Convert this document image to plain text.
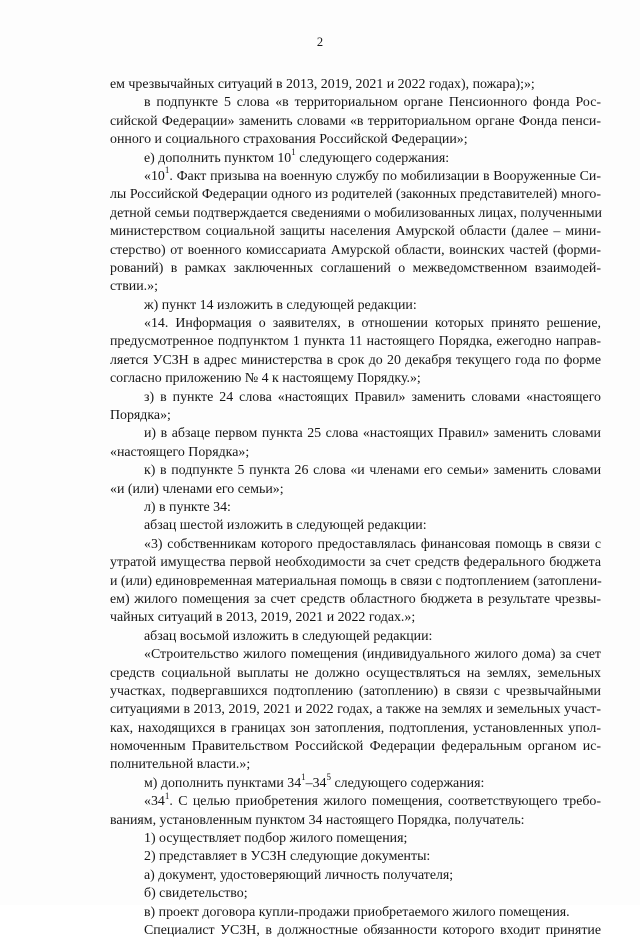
2
ем чрезвычайных ситуаций в 2013, 2019, 2021 и 2022 годах), пожара);»;
в подпункте 5 слова «в территориальном органе Пенсионного фонда Рос-
сийской Федерации» заменить словами «в территориальном органе Фонда пенси-
онного и социального страхования Российской Федерации»;
е) дополнить пунктом $10^1$ следующего содержания:
«$10^1$. Факт призыва на военную службу по мобилизации в Вооруженные Си-
лы Российской Федерации одного из родителей (законных представителей) много-
детной семьи подтверждается сведениями о мобилизованных лицах, полученными
министерством социальной защиты населения Амурской области (далее – мини-
стерство) от военного комиссариата Амурской области, воинских частей (форми-
рований) в рамках заключенных соглашений о межведомственном взаимодей-
ствии.»;
ж) пункт 14 изложить в следующей редакции:
«14. Информация о заявителях, в отношении которых принято решение,
предусмотренное подпунктом 1 пункта 11 настоящего Порядка, ежегодно направ-
ляется УСЗН в адрес министерства в срок до 20 декабря текущего года по форме
согласно приложению № 4 к настоящему Порядку.»;
з) в пункте 24 слова «настоящих Правил» заменить словами «настоящего
Порядка»;
и) в абзаце первом пункта 25 слова «настоящих Правил» заменить словами
«настоящего Порядка»;
к) в подпункте 5 пункта 26 слова «и членами его семьи» заменить словами
«и (или) членами его семьи»;
л) в пункте 34:
абзац шестой изложить в следующей редакции:
«3) собственникам которого предоставлялась финансовая помощь в связи с
утратой имущества первой необходимости за счет средств федерального бюджета
и (или) единовременная материальная помощь в связи с подтоплением (затоплени-
ем) жилого помещения за счет средств областного бюджета в результате чрезвы-
чайных ситуаций в 2013, 2019, 2021 и 2022 годах.»;
абзац восьмой изложить в следующей редакции:
«Строительство жилого помещения (индивидуального жилого дома) за счет
средств социальной выплаты не должно осуществляться на землях, земельных
участках, подвергавшихся подтоплению (затоплению) в связи с чрезвычайными
ситуациями в 2013, 2019, 2021 и 2022 годах, а также на землях и земельных участ-
ках, находящихся в границах зон затопления, подтопления, установленных упол-
номоченным Правительством Российской Федерации федеральным органом ис-
полнительной власти.»;
м) дополнить пунктами $34^1-34^5$ следующего содержания:
«$34^1$. С целью приобретения жилого помещения, соответствующего требо-
ваниям, установленным пунктом 34 настоящего Порядка, получатель:
1) осуществляет подбор жилого помещения;
2) представляет в УСЗН следующие документы:
а) документ, удостоверяющий личность получателя;
б) свидетельство;
в) проект договора купли-продажи приобретаемого жилого помещения.
Специалист УСЗН, в должностные обязанности которого входит принятие
